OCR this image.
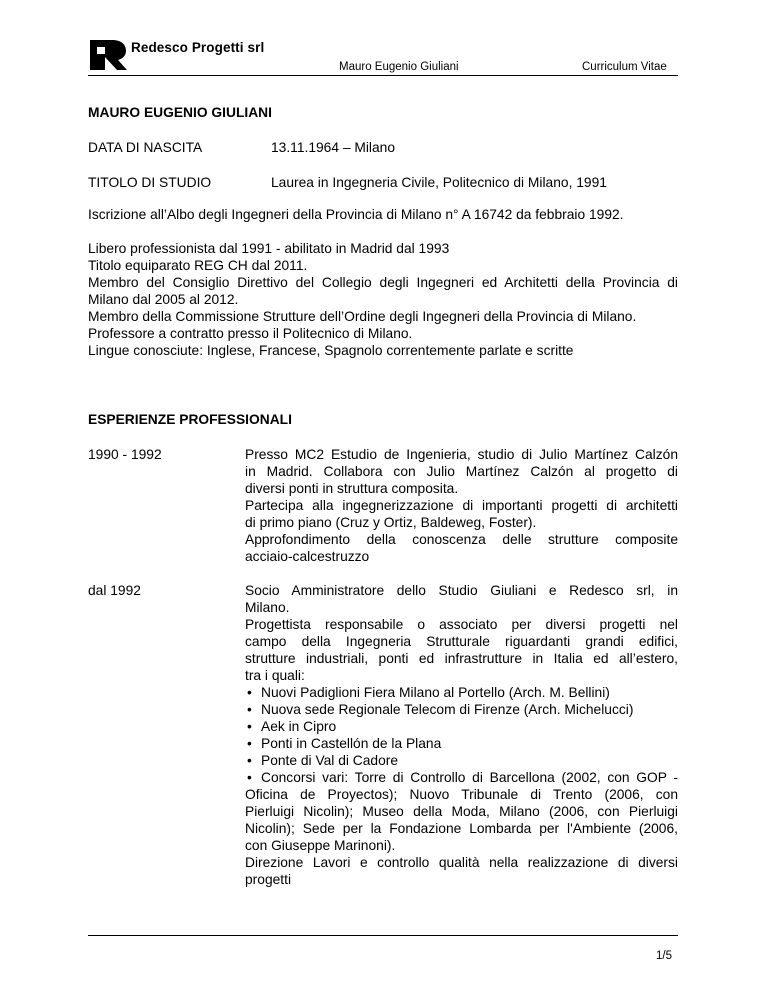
Redesco Progetti srl
Mauro Eugenio Giuliani	Curriculum Vitae
MAURO EUGENIO GIULIANI
DATA DI NASCITA	13.11.1964 – Milano
TITOLO DI STUDIO	Laurea in Ingegneria Civile, Politecnico di Milano, 1991
Iscrizione all’Albo degli Ingegneri della Provincia di Milano n° A 16742 da febbraio 1992.
Libero professionista dal 1991 - abilitato in Madrid dal 1993
Titolo equiparato REG CH dal 2011.
Membro del Consiglio Direttivo del Collegio degli Ingegneri ed Architetti della Provincia di
Milano dal 2005 al 2012.
Membro della Commissione Strutture dell’Ordine degli Ingegneri della Provincia di Milano.
Professore a contratto presso il Politecnico di Milano.
Lingue conosciute: Inglese, Francese, Spagnolo correntemente parlate e scritte
ESPERIENZE PROFESSIONALI
1990 - 1992	Presso MC2 Estudio de Ingenieria, studio di Julio Martínez Calzón
in Madrid. Collabora con Julio Martínez Calzón al progetto di
diversi ponti in struttura composita.
Partecipa alla ingegnerizzazione di importanti progetti di architetti
di primo piano (Cruz y Ortiz, Baldeweg, Foster).
Approfondimento della conoscenza delle strutture composite
acciaio-calcestruzzo
dal 1992	Socio Amministratore dello Studio Giuliani e Redesco srl, in
Milano.
Progettista responsabile o associato per diversi progetti nel
campo della Ingegneria Strutturale riguardanti grandi edifici,
strutture industriali, ponti ed infrastrutture in Italia ed all’estero,
tra i quali:
• Nuovi Padiglioni Fiera Milano al Portello (Arch. M. Bellini)
• Nuova sede Regionale Telecom di Firenze (Arch. Michelucci)
• Aek in Cipro
• Ponti in Castellón de la Plana
• Ponte di Val di Cadore
• Concorsi vari: Torre di Controllo di Barcellona (2002, con GOP -
Oficina de Proyectos); Nuovo Tribunale di Trento (2006, con
Pierluigi Nicolin); Museo della Moda, Milano (2006, con Pierluigi
Nicolin); Sede per la Fondazione Lombarda per l'Ambiente (2006,
con Giuseppe Marinoni).
Direzione Lavori e controllo qualità nella realizzazione di diversi
progetti
1/5
